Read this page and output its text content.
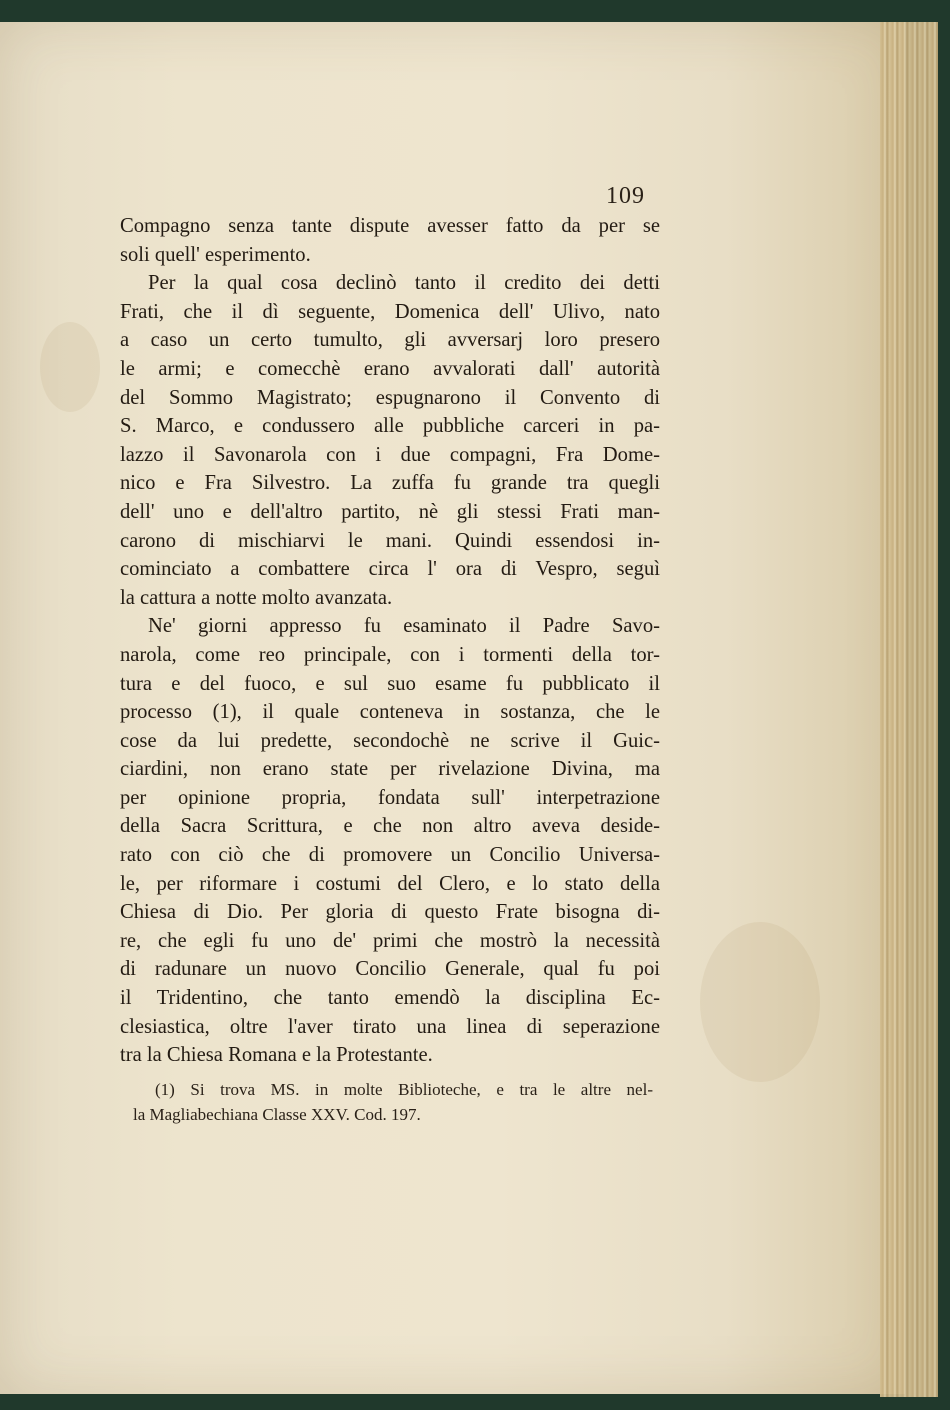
109
Compagno senza tante dispute avesser fatto da per se
soli quell' esperimento.
Per la qual cosa declinò tanto il credito dei detti
Frati, che il dì seguente, Domenica dell' Ulivo, nato
a caso un certo tumulto, gli avversarj loro presero
le armi; e comecchè erano avvalorati dall' autorità
del Sommo Magistrato; espugnarono il Convento di
S. Marco, e condussero alle pubbliche carceri in pa-
lazzo il Savonarola con i due compagni, Fra Dome-
nico e Fra Silvestro. La zuffa fu grande tra quegli
dell' uno e dell'altro partito, nè gli stessi Frati man-
carono di mischiarvi le mani. Quindi essendosi in-
cominciato a combattere circa l' ora di Vespro, seguì
la cattura a notte molto avanzata.
Ne' giorni appresso fu esaminato il Padre Savo-
narola, come reo principale, con i tormenti della tor-
tura e del fuoco, e sul suo esame fu pubblicato il
processo (1), il quale conteneva in sostanza, che le
cose da lui predette, secondochè ne scrive il Guic-
ciardini, non erano state per rivelazione Divina, ma
per opinione propria, fondata sull' interpetrazione
della Sacra Scrittura, e che non altro aveva deside-
rato con ciò che di promovere un Concilio Universa-
le, per riformare i costumi del Clero, e lo stato della
Chiesa di Dio. Per gloria di questo Frate bisogna di-
re, che egli fu uno de' primi che mostrò la necessità
di radunare un nuovo Concilio Generale, qual fu poi
il Tridentino, che tanto emendò la disciplina Ec-
clesiastica, oltre l'aver tirato una linea di seperazione
tra la Chiesa Romana e la Protestante.
(1) Si trova MS. in molte Biblioteche, e tra le altre nel-
la Magliabechiana Classe XXV. Cod. 197.
